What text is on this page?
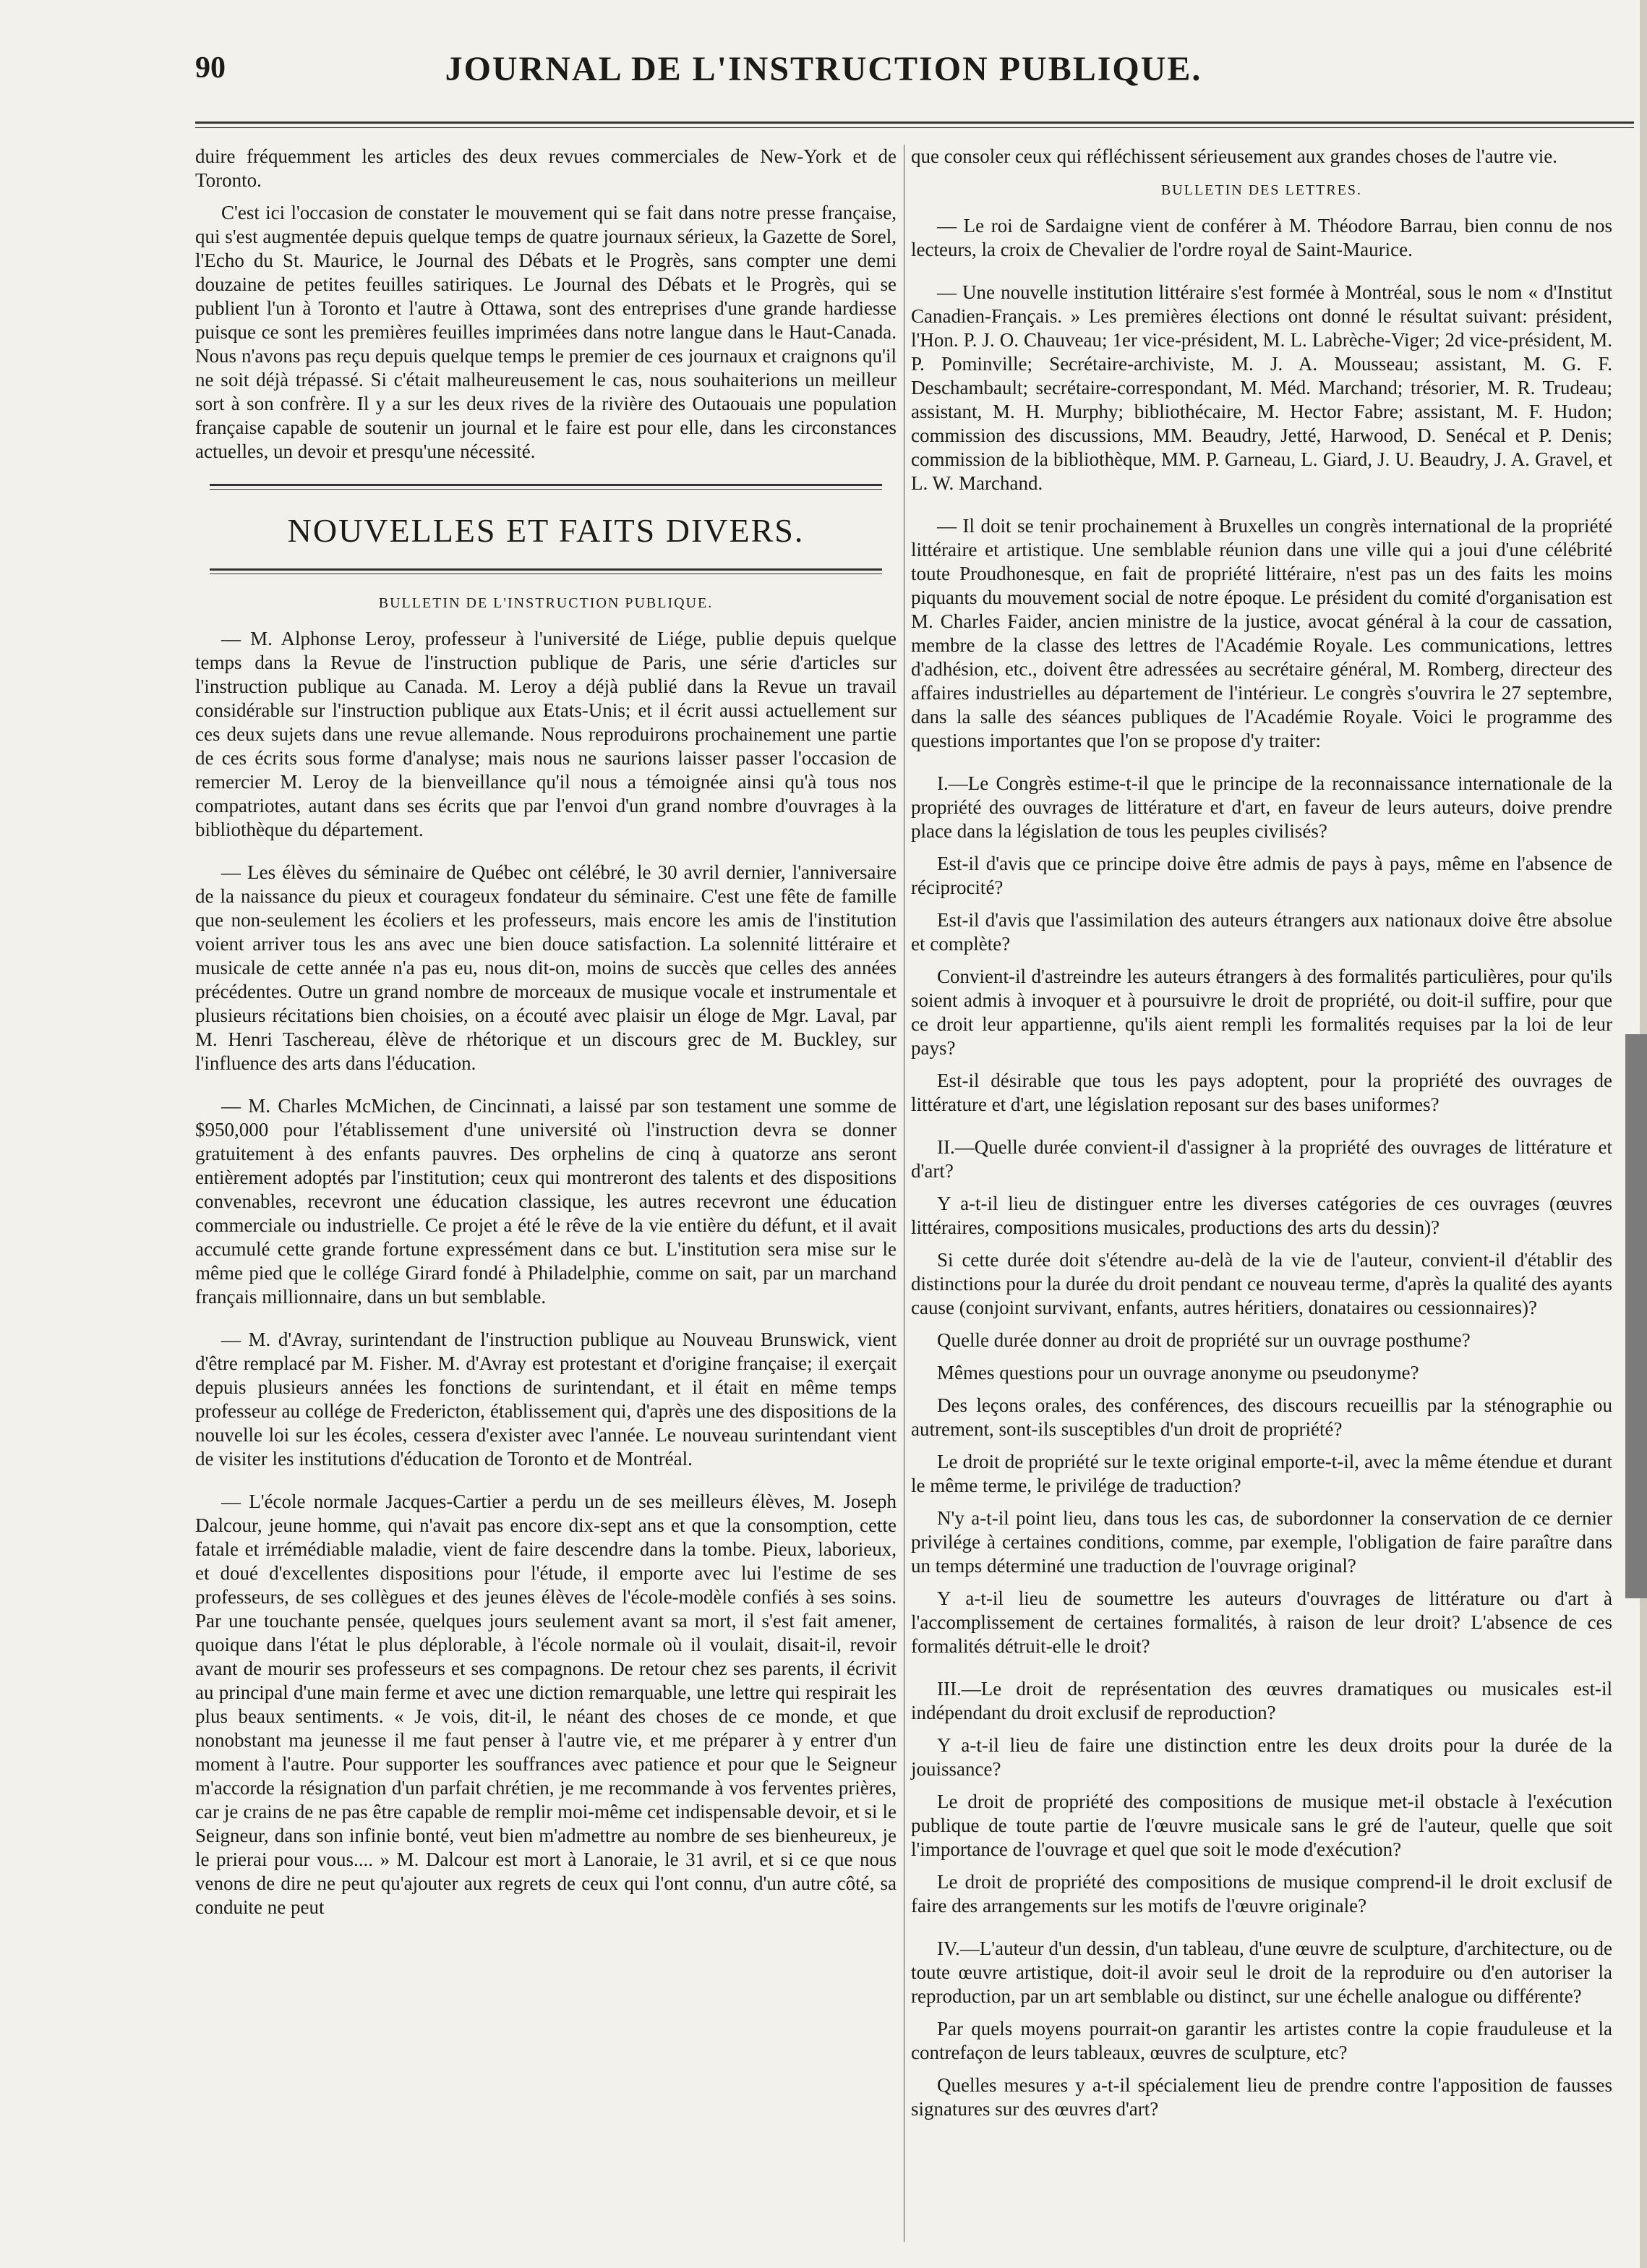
90	JOURNAL DE L'INSTRUCTION PUBLIQUE.

duire fréquemment les articles des deux revues commerciales de New-York et de Toronto.

C'est ici l'occasion de constater le mouvement qui se fait dans notre presse française, qui s'est augmentée depuis quelque temps de quatre journaux sérieux, la Gazette de Sorel, l'Echo du St. Maurice, le Journal des Débats et le Progrès, sans compter une demi douzaine de petites feuilles satiriques. Le Journal des Débats et le Progrès, qui se publient l'un à Toronto et l'autre à Ottawa, sont des entreprises d'une grande hardiesse puisque ce sont les premières feuilles imprimées dans notre langue dans le Haut-Canada. Nous n'avons pas reçu depuis quelque temps le premier de ces journaux et craignons qu'il ne soit déjà trépassé. Si c'était malheureusement le cas, nous souhaiterions un meilleur sort à son confrère. Il y a sur les deux rives de la rivière des Outaouais une population française capable de soutenir un journal et le faire est pour elle, dans les circonstances actuelles, un devoir et presqu'une nécessité.

NOUVELLES ET FAITS DIVERS.
BULLETIN DE L'INSTRUCTION PUBLIQUE.

— M. Alphonse Leroy, professeur à l'université de Liége, publie depuis quelque temps dans la Revue de l'instruction publique de Paris, une série d'articles sur l'instruction publique au Canada. M. Leroy a déjà publié dans la Revue un travail considérable sur l'instruction publique aux Etats-Unis; et il écrit aussi actuellement sur ces deux sujets dans une revue allemande. Nous reproduirons prochainement une partie de ces écrits sous forme d'analyse; mais nous ne saurions laisser passer l'occasion de remercier M. Leroy de la bienveillance qu'il nous a témoignée ainsi qu'à tous nos compatriotes, autant dans ses écrits que par l'envoi d'un grand nombre d'ouvrages à la bibliothèque du département.

— Les élèves du séminaire de Québec ont célébré, le 30 avril dernier, l'anniversaire de la naissance du pieux et courageux fondateur du séminaire. C'est une fête de famille que non-seulement les écoliers et les professeurs, mais encore les amis de l'institution voient arriver tous les ans avec une bien douce satisfaction. La solennité littéraire et musicale de cette année n'a pas eu, nous dit-on, moins de succès que celles des années précédentes. Outre un grand nombre de morceaux de musique vocale et instrumentale et plusieurs récitations bien choisies, on a écouté avec plaisir un éloge de Mgr. Laval, par M. Henri Taschereau, élève de rhétorique et un discours grec de M. Buckley, sur l'influence des arts dans l'éducation.

— M. Charles McMichen, de Cincinnati, a laissé par son testament une somme de $950,000 pour l'établissement d'une université où l'instruction devra se donner gratuitement à des enfants pauvres. Des orphelins de cinq à quatorze ans seront entièrement adoptés par l'institution; ceux qui montreront des talents et des dispositions convenables, recevront une éducation classique, les autres recevront une éducation commerciale ou industrielle. Ce projet a été le rêve de la vie entière du défunt, et il avait accumulé cette grande fortune expressément dans ce but. L'institution sera mise sur le même pied que le collége Girard fondé à Philadelphie, comme on sait, par un marchand français millionnaire, dans un but semblable.

— M. d'Avray, surintendant de l'instruction publique au Nouveau Brunswick, vient d'être remplacé par M. Fisher. M. d'Avray est protestant et d'origine française; il exerçait depuis plusieurs années les fonctions de surintendant, et il était en même temps professeur au collége de Fredericton, établissement qui, d'après une des dispositions de la nouvelle loi sur les écoles, cessera d'exister avec l'année. Le nouveau surintendant vient de visiter les institutions d'éducation de Toronto et de Montréal.

— L'école normale Jacques-Cartier a perdu un de ses meilleurs élèves, M. Joseph Dalcour, jeune homme, qui n'avait pas encore dix-sept ans et que la consomption, cette fatale et irrémédiable maladie, vient de faire descendre dans la tombe. Pieux, laborieux, et doué d'excellentes dispositions pour l'étude, il emporte avec lui l'estime de ses professeurs, de ses collègues et des jeunes élèves de l'école-modèle confiés à ses soins. Par une touchante pensée, quelques jours seulement avant sa mort, il s'est fait amener, quoique dans l'état le plus déplorable, à l'école normale où il voulait, disait-il, revoir avant de mourir ses professeurs et ses compagnons. De retour chez ses parents, il écrivit au principal d'une main ferme et avec une diction remarquable, une lettre qui respirait les plus beaux sentiments. « Je vois, dit-il, le néant des choses de ce monde, et que nonobstant ma jeunesse il me faut penser à l'autre vie, et me préparer à y entrer d'un moment à l'autre. Pour supporter les souffrances avec patience et pour que le Seigneur m'accorde la résignation d'un parfait chrétien, je me recommande à vos ferventes prières, car je crains de ne pas être capable de remplir moi-même cet indispensable devoir, et si le Seigneur, dans son infinie bonté, veut bien m'admettre au nombre de ses bienheureux, je le prierai pour vous.... » M. Dalcour est mort à Lanoraie, le 31 avril, et si ce que nous venons de dire ne peut qu'ajouter aux regrets de ceux qui l'ont connu, d'un autre côté, sa conduite ne peut

que consoler ceux qui réfléchissent sérieusement aux grandes choses de l'autre vie.

BULLETIN DES LETTRES.

— Le roi de Sardaigne vient de conférer à M. Théodore Barrau, bien connu de nos lecteurs, la croix de Chevalier de l'ordre royal de Saint-Maurice.

— Une nouvelle institution littéraire s'est formée à Montréal, sous le nom « d'Institut Canadien-Français. » Les premières élections ont donné le résultat suivant: président, l'Hon. P. J. O. Chauveau; 1er vice-président, M. L. Labrèche-Viger; 2d vice-président, M. P. Pominville; Secrétaire-archiviste, M. J. A. Mousseau; assistant, M. G. F. Deschambault; secrétaire-correspondant, M. Méd. Marchand; trésorier, M. R. Trudeau; assistant, M. H. Murphy; bibliothécaire, M. Hector Fabre; assistant, M. F. Hudon; commission des discussions, MM. Beaudry, Jetté, Harwood, D. Senécal et P. Denis; commission de la bibliothèque, MM. P. Garneau, L. Giard, J. U. Beaudry, J. A. Gravel, et L. W. Marchand.

— Il doit se tenir prochainement à Bruxelles un congrès international de la propriété littéraire et artistique. Une semblable réunion dans une ville qui a joui d'une célébrité toute Proudhonesque, en fait de propriété littéraire, n'est pas un des faits les moins piquants du mouvement social de notre époque. Le président du comité d'organisation est M. Charles Faider, ancien ministre de la justice, avocat général à la cour de cassation, membre de la classe des lettres de l'Académie Royale. Les communications, lettres d'adhésion, etc., doivent être adressées au secrétaire général, M. Romberg, directeur des affaires industrielles au département de l'intérieur. Le congrès s'ouvrira le 27 septembre, dans la salle des séances publiques de l'Académie Royale. Voici le programme des questions importantes que l'on se propose d'y traiter:

I.—Le Congrès estime-t-il que le principe de la reconnaissance internationale de la propriété des ouvrages de littérature et d'art, en faveur de leurs auteurs, doive prendre place dans la législation de tous les peuples civilisés?

Est-il d'avis que ce principe doive être admis de pays à pays, même en l'absence de réciprocité?

Est-il d'avis que l'assimilation des auteurs étrangers aux nationaux doive être absolue et complète?

Convient-il d'astreindre les auteurs étrangers à des formalités particulières, pour qu'ils soient admis à invoquer et à poursuivre le droit de propriété, ou doit-il suffire, pour que ce droit leur appartienne, qu'ils aient rempli les formalités requises par la loi de leur pays?

Est-il désirable que tous les pays adoptent, pour la propriété des ouvrages de littérature et d'art, une législation reposant sur des bases uniformes?

II.—Quelle durée convient-il d'assigner à la propriété des ouvrages de littérature et d'art?

Y a-t-il lieu de distinguer entre les diverses catégories de ces ouvrages (œuvres littéraires, compositions musicales, productions des arts du dessin)?

Si cette durée doit s'étendre au-delà de la vie de l'auteur, convient-il d'établir des distinctions pour la durée du droit pendant ce nouveau terme, d'après la qualité des ayants cause (conjoint survivant, enfants, autres héritiers, donataires ou cessionnaires)?

Quelle durée donner au droit de propriété sur un ouvrage posthume?

Mêmes questions pour un ouvrage anonyme ou pseudonyme?

Des leçons orales, des conférences, des discours recueillis par la sténographie ou autrement, sont-ils susceptibles d'un droit de propriété?

Le droit de propriété sur le texte original emporte-t-il, avec la même étendue et durant le même terme, le privilége de traduction?

N'y a-t-il point lieu, dans tous les cas, de subordonner la conservation de ce dernier privilége à certaines conditions, comme, par exemple, l'obligation de faire paraître dans un temps déterminé une traduction de l'ouvrage original?

Y a-t-il lieu de soumettre les auteurs d'ouvrages de littérature ou d'art à l'accomplissement de certaines formalités, à raison de leur droit? L'absence de ces formalités détruit-elle le droit?

III.—Le droit de représentation des œuvres dramatiques ou musicales est-il indépendant du droit exclusif de reproduction?

Y a-t-il lieu de faire une distinction entre les deux droits pour la durée de la jouissance?

Le droit de propriété des compositions de musique met-il obstacle à l'exécution publique de toute partie de l'œuvre musicale sans le gré de l'auteur, quelle que soit l'importance de l'ouvrage et quel que soit le mode d'exécution?

Le droit de propriété des compositions de musique comprend-il le droit exclusif de faire des arrangements sur les motifs de l'œuvre originale?

IV.—L'auteur d'un dessin, d'un tableau, d'une œuvre de sculpture, d'architecture, ou de toute œuvre artistique, doit-il avoir seul le droit de la reproduire ou d'en autoriser la reproduction, par un art semblable ou distinct, sur une échelle analogue ou différente?

Par quels moyens pourrait-on garantir les artistes contre la copie frauduleuse et la contrefaçon de leurs tableaux, œuvres de sculpture, etc?

Quelles mesures y a-t-il spécialement lieu de prendre contre l'apposition de fausses signatures sur des œuvres d'art?
